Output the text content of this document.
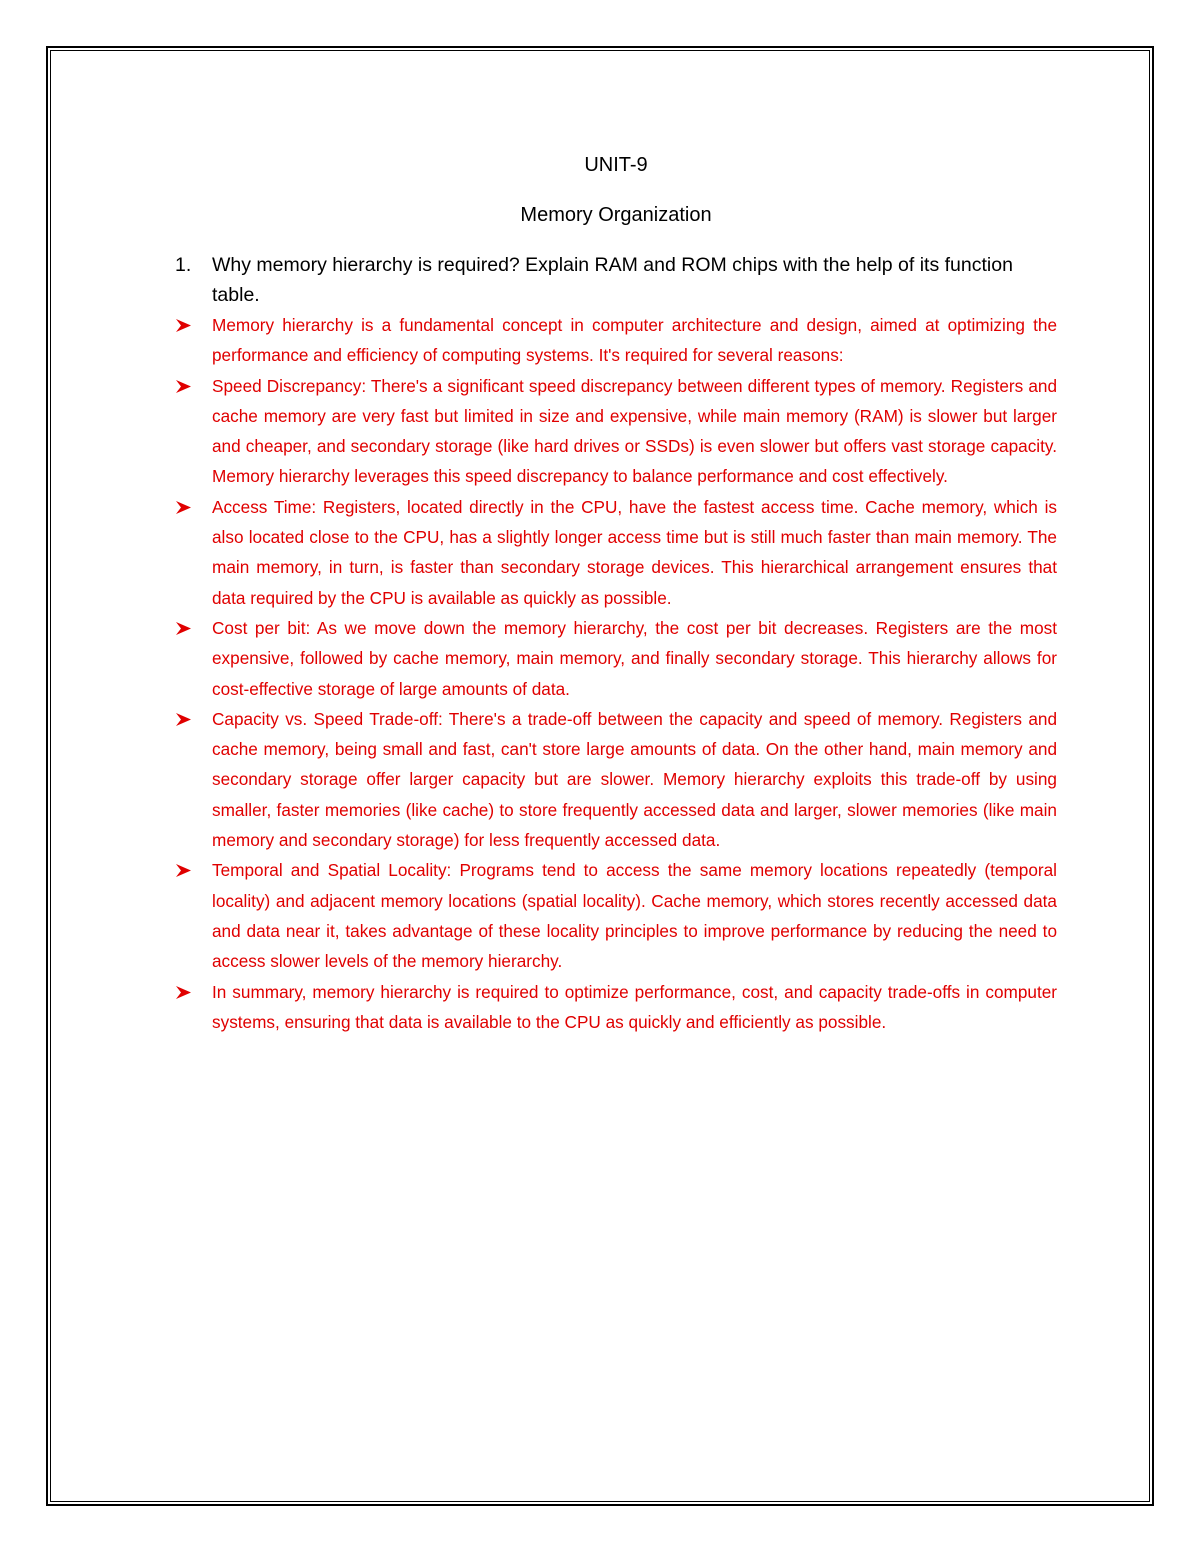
UNIT-9
Memory Organization
1.	Why memory hierarchy is required? Explain RAM and ROM chips with the help of its function table.
Memory hierarchy is a fundamental concept in computer architecture and design, aimed at optimizing the performance and efficiency of computing systems. It's required for several reasons:
Speed Discrepancy: There's a significant speed discrepancy between different types of memory. Registers and cache memory are very fast but limited in size and expensive, while main memory (RAM) is slower but larger and cheaper, and secondary storage (like hard drives or SSDs) is even slower but offers vast storage capacity. Memory hierarchy leverages this speed discrepancy to balance performance and cost effectively.
Access Time: Registers, located directly in the CPU, have the fastest access time. Cache memory, which is also located close to the CPU, has a slightly longer access time but is still much faster than main memory. The main memory, in turn, is faster than secondary storage devices. This hierarchical arrangement ensures that data required by the CPU is available as quickly as possible.
Cost per bit: As we move down the memory hierarchy, the cost per bit decreases. Registers are the most expensive, followed by cache memory, main memory, and finally secondary storage. This hierarchy allows for cost-effective storage of large amounts of data.
Capacity vs. Speed Trade-off: There's a trade-off between the capacity and speed of memory. Registers and cache memory, being small and fast, can't store large amounts of data. On the other hand, main memory and secondary storage offer larger capacity but are slower. Memory hierarchy exploits this trade-off by using smaller, faster memories (like cache) to store frequently accessed data and larger, slower memories (like main memory and secondary storage) for less frequently accessed data.
Temporal and Spatial Locality: Programs tend to access the same memory locations repeatedly (temporal locality) and adjacent memory locations (spatial locality). Cache memory, which stores recently accessed data and data near it, takes advantage of these locality principles to improve performance by reducing the need to access slower levels of the memory hierarchy.
In summary, memory hierarchy is required to optimize performance, cost, and capacity trade-offs in computer systems, ensuring that data is available to the CPU as quickly and efficiently as possible.
